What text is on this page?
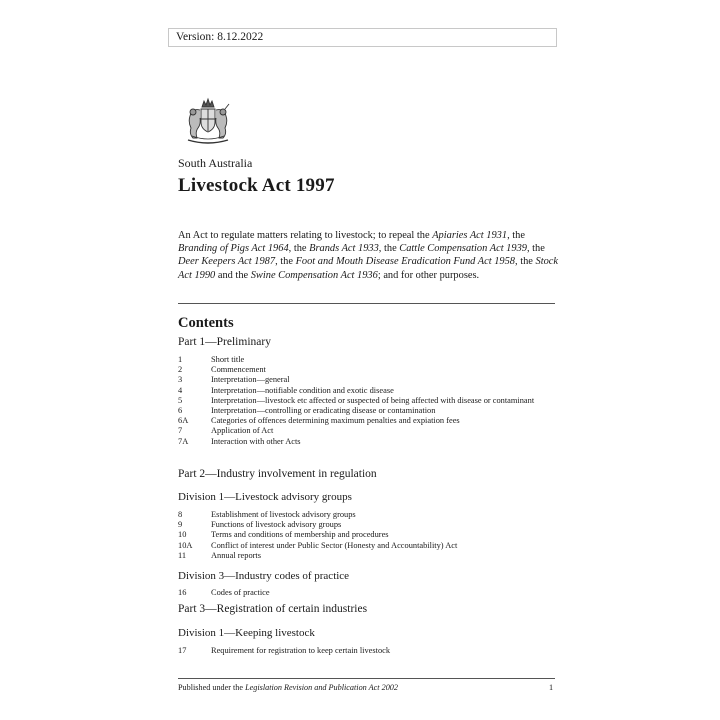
Version: 8.12.2022
South Australia
Livestock Act 1997
An Act to regulate matters relating to livestock; to repeal the Apiaries Act 1931, the Branding of Pigs Act 1964, the Brands Act 1933, the Cattle Compensation Act 1939, the Deer Keepers Act 1987, the Foot and Mouth Disease Eradication Fund Act 1958, the Stock Act 1990 and the Swine Compensation Act 1936; and for other purposes.
Contents
Part 1—Preliminary
1	Short title
2	Commencement
3	Interpretation—general
4	Interpretation—notifiable condition and exotic disease
5	Interpretation—livestock etc affected or suspected of being affected with disease or contaminant
6	Interpretation—controlling or eradicating disease or contamination
6A	Categories of offences determining maximum penalties and expiation fees
7	Application of Act
7A	Interaction with other Acts
Part 2—Industry involvement in regulation
Division 1—Livestock advisory groups
8	Establishment of livestock advisory groups
9	Functions of livestock advisory groups
10	Terms and conditions of membership and procedures
10A	Conflict of interest under Public Sector (Honesty and Accountability) Act
11	Annual reports
Division 3—Industry codes of practice
16	Codes of practice
Part 3—Registration of certain industries
Division 1—Keeping livestock
17	Requirement for registration to keep certain livestock
Published under the Legislation Revision and Publication Act 2002	1
